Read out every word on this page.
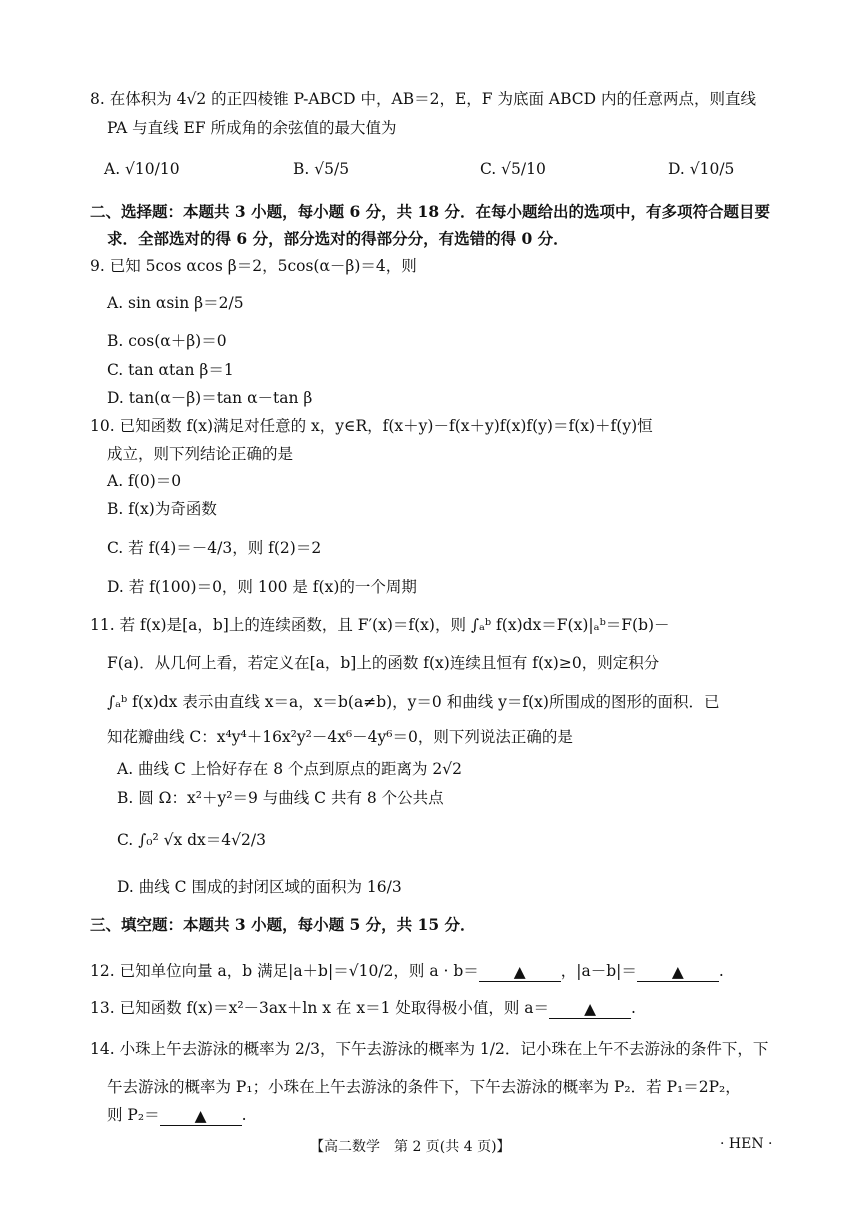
8. 在体积为 4√2 的正四棱锥 P-ABCD 中，AB＝2，E，F 为底面 ABCD 内的任意两点，则直线
PA 与直线 EF 所成角的余弦值的最大值为
A. √10/10	B. √5/5	C. √5/10	D. √10/5
二、选择题：本题共 3 小题，每小题 6 分，共 18 分．在每小题给出的选项中，有多项符合题目要
求．全部选对的得 6 分，部分选对的得部分分，有选错的得 0 分．
9. 已知 5cos αcos β＝2，5cos(α－β)＝4，则
A. sin αsin β＝2/5
B. cos(α＋β)＝0
C. tan αtan β＝1
D. tan(α－β)＝tan α－tan β
10. 已知函数 f(x)满足对任意的 x，y∈R，f(x＋y)－f(x＋y)f(x)f(y)＝f(x)＋f(y)恒
成立，则下列结论正确的是
A. f(0)＝0
B. f(x)为奇函数
C. 若 f(4)＝－4/3，则 f(2)＝2
D. 若 f(100)＝0，则 100 是 f(x)的一个周期
11. 若 f(x)是[a，b]上的连续函数，且 F′(x)＝f(x)，则 ∫ₐᵇ f(x)dx＝F(x)|ₐᵇ＝F(b)－
F(a)．从几何上看，若定义在[a，b]上的函数 f(x)连续且恒有 f(x)≥0，则定积分
∫ₐᵇ f(x)dx 表示由直线 x＝a，x＝b(a≠b)，y＝0 和曲线 y＝f(x)所围成的图形的面积．已
知花瓣曲线 C：x⁴y⁴＋16x²y²－4x⁶－4y⁶＝0，则下列说法正确的是
A. 曲线 C 上恰好存在 8 个点到原点的距离为 2√2
B. 圆 Ω：x²＋y²＝9 与曲线 C 共有 8 个公共点
C. ∫₀² √x dx＝4√2/3
D. 曲线 C 围成的封闭区域的面积为 16/3
三、填空题：本题共 3 小题，每小题 5 分，共 15 分．
12. 已知单位向量 a，b 满足|a＋b|＝√10/2，则 a · b＝ ▲ ，|a－b|＝ ▲ .
13. 已知函数 f(x)＝x²－3ax＋ln x 在 x＝1 处取得极小值，则 a＝ ▲ .
14. 小珠上午去游泳的概率为 2/3，下午去游泳的概率为 1/2．记小珠在上午不去游泳的条件下，下
午去游泳的概率为 P₁；小珠在上午去游泳的条件下，下午去游泳的概率为 P₂．若 P₁＝2P₂，
则 P₂＝ ▲ .
【高二数学　第 2 页(共 4 页)】	· HEN ·
